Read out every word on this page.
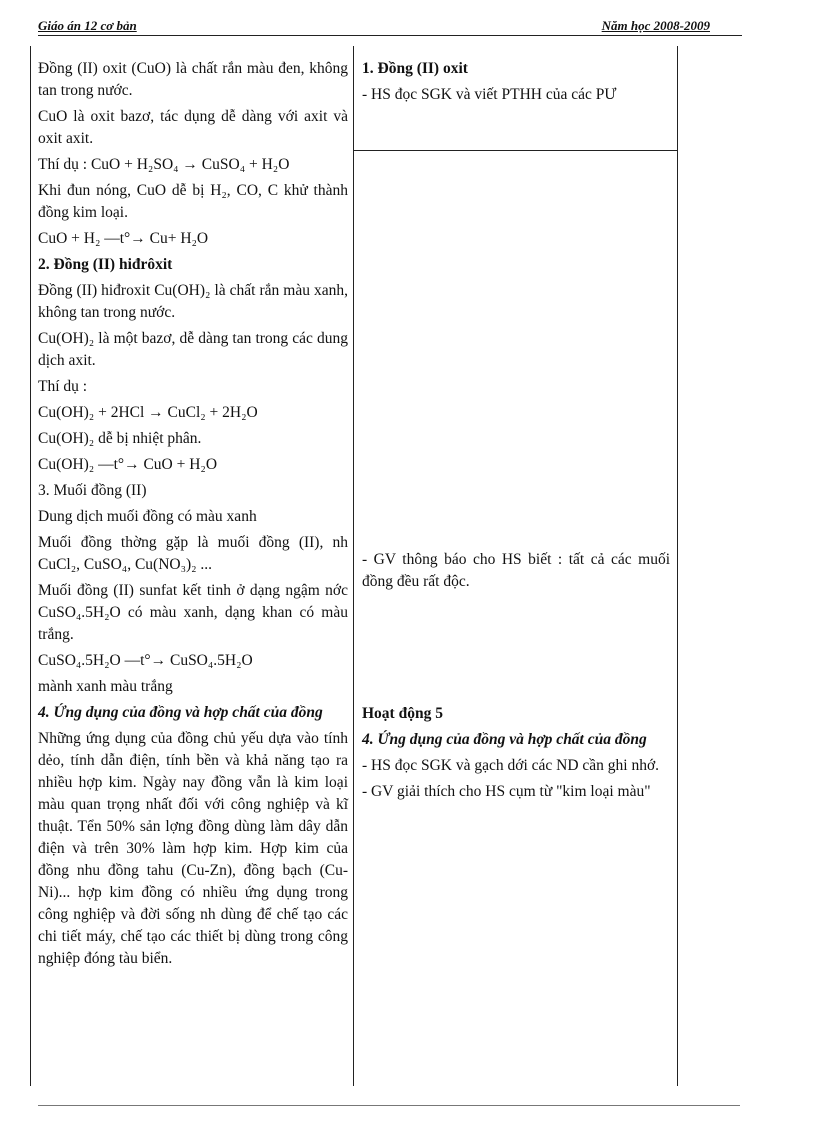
Giáo án 12 cơ bản	Năm học 2008-2009

Đồng (II) oxit (CuO) là chất rắn màu đen, không tan trong nước.

CuO là oxit bazơ, tác dụng dễ dàng với axit và oxit axit.

Thí dụ : CuO + H₂SO₄ → CuSO₄ + H₂O

Khi đun nóng, CuO dễ bị H₂, CO, C khử thành đồng kim loại.

CuO + H₂ —t°→ Cu+ H₂O

2. Đồng (II) hiđrôxit

Đồng (II) hiđroxit Cu(OH)₂ là chất rắn màu xanh, không tan trong nước.

Cu(OH)₂ là một bazơ, dễ dàng tan trong các dung dịch axit.

Thí dụ :

Cu(OH)₂ + 2HCl → CuCl₂ + 2H₂O

Cu(OH)₂ dễ bị nhiệt phân.

Cu(OH)₂ —t°→ CuO + H₂O

3. Muối đồng (II)

Dung dịch muối đồng có màu xanh

Muối đồng thờng gặp là muối đồng (II), nh CuCl₂, CuSO₄, Cu(NO₃)₂ ...

Muối đồng (II) sunfat kết tinh ở dạng ngậm nớc CuSO₄.5H₂O có màu xanh, dạng khan có màu trắng.

CuSO₄.5H₂O —t°→ CuSO₄.5H₂O

mành xanh màu trắng

4. Ứng dụng của đồng và hợp chất của đồng

Những ứng dụng của đồng chủ yếu dựa vào tính dẻo, tính dẫn điện, tính bền và khả năng tạo ra nhiều hợp kim. Ngày nay đồng vẫn là kim loại màu quan trọng nhất đối với công nghiệp và kĩ thuật. Tển 50% sản lợng đồng dùng làm dây dẫn điện và trên 30% làm hợp kim. Hợp kim của đồng nhu đồng tahu (Cu-Zn), đồng bạch (Cu-Ni)... hợp kim đồng có nhiều ứng dụng trong công nghiệp và đời sống nh dùng để chế tạo các chi tiết máy, chế tạo các thiết bị dùng trong công nghiệp đóng tàu biển.

1. Đồng (II) oxit

- HS đọc SGK và viết PTHH của các PƯ

- GV thông báo cho HS biết : tất cả các muối đồng đều rất độc.

Hoạt động 5

4. Ứng dụng của đồng và hợp chất của đồng

- HS đọc SGK và gạch dới các ND cần ghi nhớ.

- GV giải thích cho HS cụm từ "kim loại màu"
